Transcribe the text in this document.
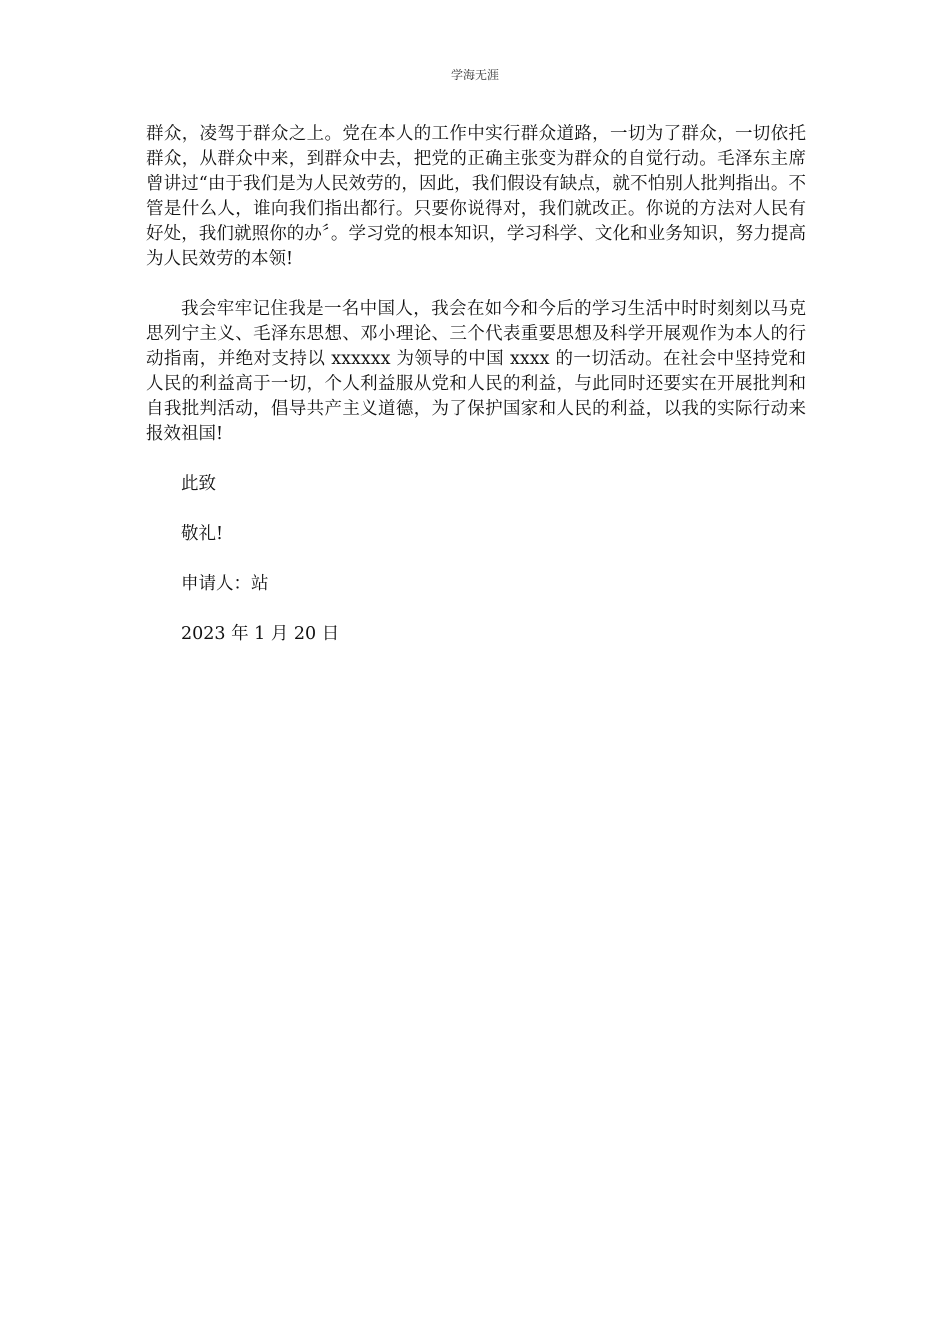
学海无涯

群众，凌驾于群众之上。党在本人的工作中实行群众道路，一切为了群众，一切依托群众，从群众中来，到群众中去，把党的正确主张变为群众的自觉行动。毛泽东主席曾讲过“由于我们是为人民效劳的，因此，我们假设有缺点，就不怕别人批判指出。不管是什么人，谁向我们指出都行。只要你说得对，我们就改正。你说的方法对人民有好处，我们就照你的办〞。学习党的根本知识，学习科学、文化和业务知识，努力提高为人民效劳的本领!

我会牢牢记住我是一名中国人，我会在如今和今后的学习生活中时时刻刻以马克思列宁主义、毛泽东思想、邓小理论、三个代表重要思想及科学开展观作为本人的行动指南，并绝对支持以 xxxxxx 为领导的中国 xxxx 的一切活动。在社会中坚持党和人民的利益高于一切，个人利益服从党和人民的利益，与此同时还要实在开展批判和自我批判活动，倡导共产主义道德，为了保护国家和人民的利益，以我的实际行动来报效祖国!

此致

敬礼!

申请人：站

2023 年 1 月 20 日
